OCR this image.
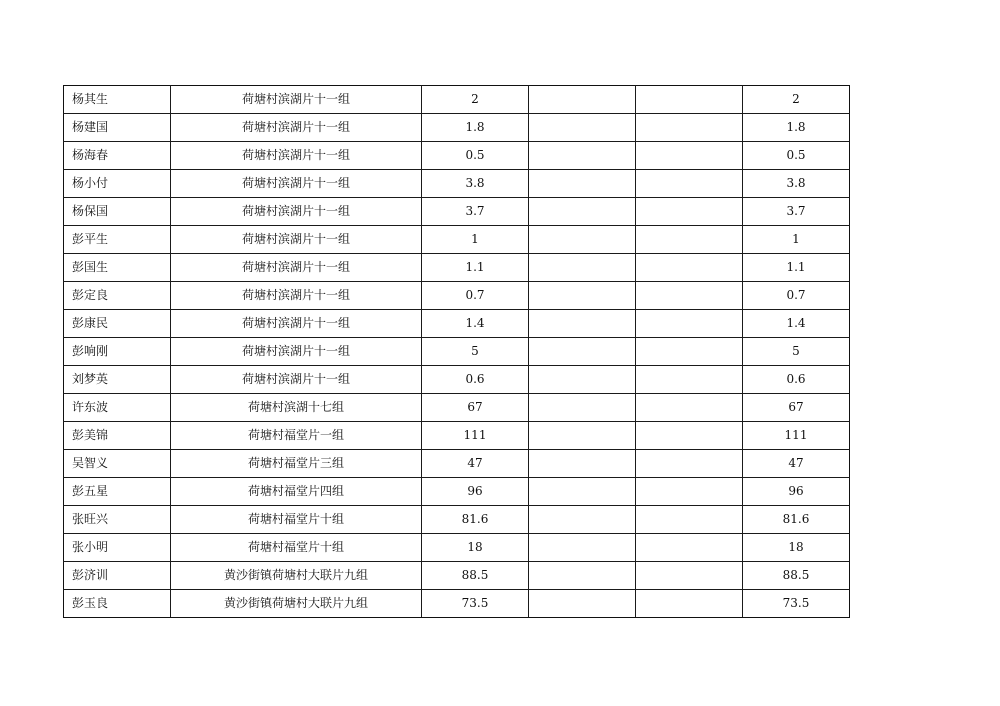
杨其生	荷塘村滨湖片十一组	2			2
杨建国	荷塘村滨湖片十一组	1.8			1.8
杨海春	荷塘村滨湖片十一组	0.5			0.5
杨小付	荷塘村滨湖片十一组	3.8			3.8
杨保国	荷塘村滨湖片十一组	3.7			3.7
彭平生	荷塘村滨湖片十一组	1			1
彭国生	荷塘村滨湖片十一组	1.1			1.1
彭定良	荷塘村滨湖片十一组	0.7			0.7
彭康民	荷塘村滨湖片十一组	1.4			1.4
彭响刚	荷塘村滨湖片十一组	5			5
刘梦英	荷塘村滨湖片十一组	0.6			0.6
许东波	荷塘村滨湖十七组	67			67
彭美锦	荷塘村福堂片一组	111			111
吴智义	荷塘村福堂片三组	47			47
彭五星	荷塘村福堂片四组	96			96
张旺兴	荷塘村福堂片十组	81.6			81.6
张小明	荷塘村福堂片十组	18			18
彭济训	黄沙街镇荷塘村大联片九组	88.5			88.5
彭玉良	黄沙街镇荷塘村大联片九组	73.5			73.5
